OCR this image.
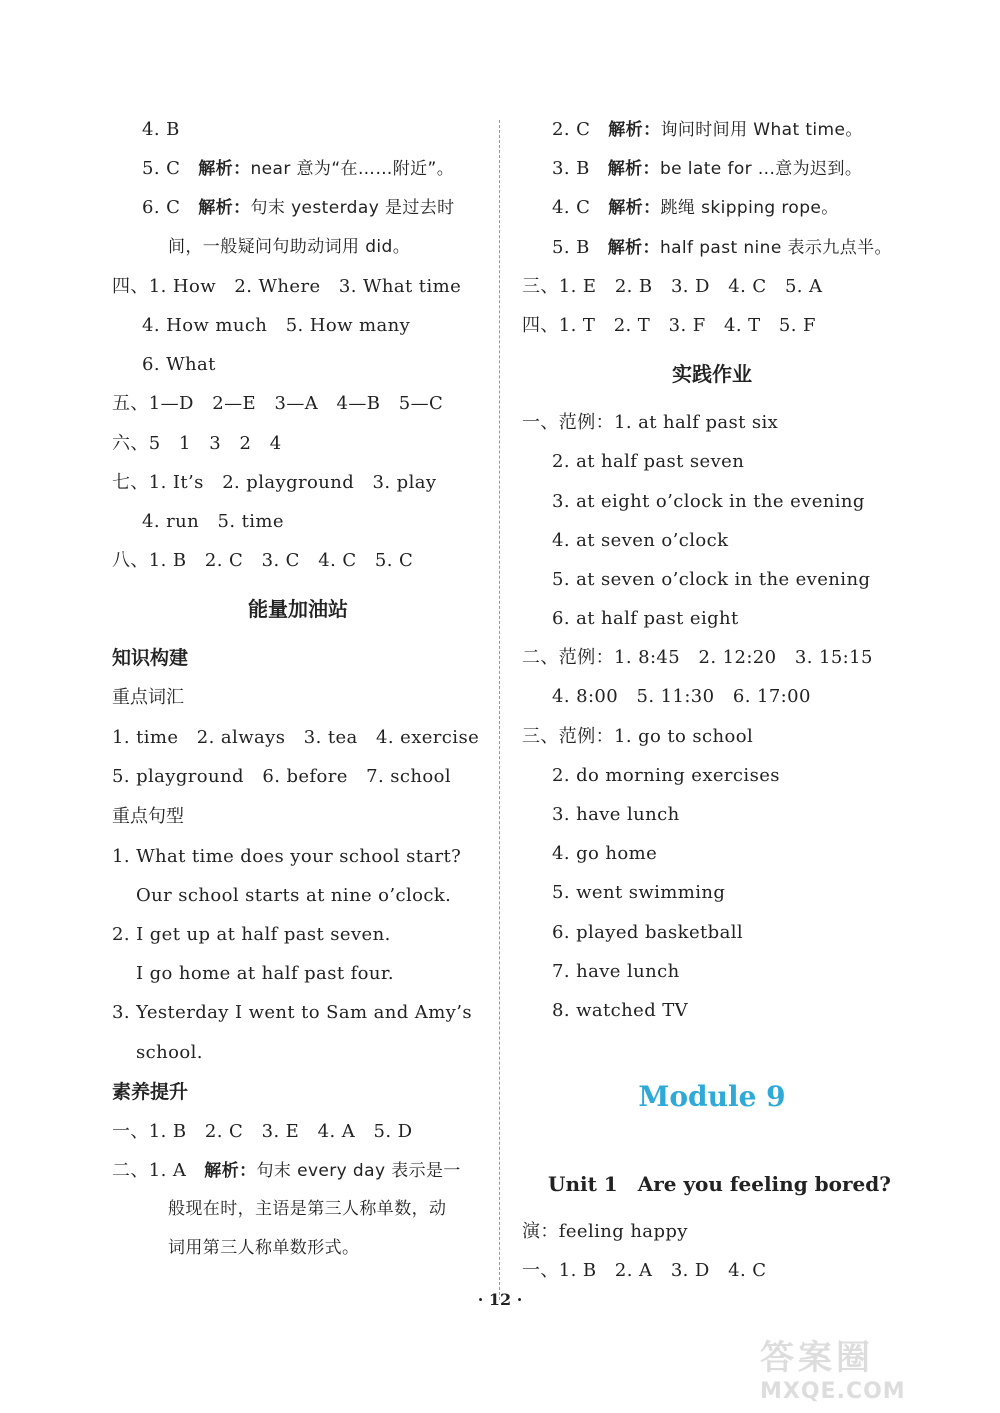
4. B
5. C 解析：near 意为“在……附近”。
6. C 解析：句末 yesterday 是过去时
间，一般疑问句助动词用 did。
四、1. How　2. Where　3. What time
4. How much　5. How many
6. What
五、1—D　2—E　3—A　4—B　5—C
六、5　1　3　2　4
七、1. It’s　2. playground　3. play
4. run　5. time
八、1. B　2. C　3. C　4. C　5. C
能量加油站
知识构建
重点词汇
1. time　2. always　3. tea　4. exercise
5. playground　6. before　7. school
重点句型
1. What time does your school start?
Our school starts at nine o’clock.
2. I get up at half past seven.
I go home at half past four.
3. Yesterday I went to Sam and Amy’s
school.
素养提升
一、1. B　2. C　3. E　4. A　5. D
二、1. A 解析：句末 every day 表示是一
般现在时，主语是第三人称单数，动
词用第三人称单数形式。
2. C 解析：询问时间用 What time。
3. B 解析：be late for ...意为迟到。
4. C 解析：跳绳 skipping rope。
5. B 解析：half past nine 表示九点半。
三、1. E　2. B　3. D　4. C　5. A
四、1. T　2. T　3. F　4. T　5. F
实践作业
一、范例：1. at half past six
2. at half past seven
3. at eight o’clock in the evening
4. at seven o’clock
5. at seven o’clock in the evening
6. at half past eight
二、范例：1. 8:45　2. 12:20　3. 15:15
4. 8:00　5. 11:30　6. 17:00
三、范例：1. go to school
2. do morning exercises
3. have lunch
4. go home
5. went swimming
6. played basketball
7. have lunch
8. watched TV
Module 9
Unit 1　Are you feeling bored?
演：feeling happy
一、1. B　2. A　3. D　4. C
· 12 ·
答案圈
MXQE.COM
